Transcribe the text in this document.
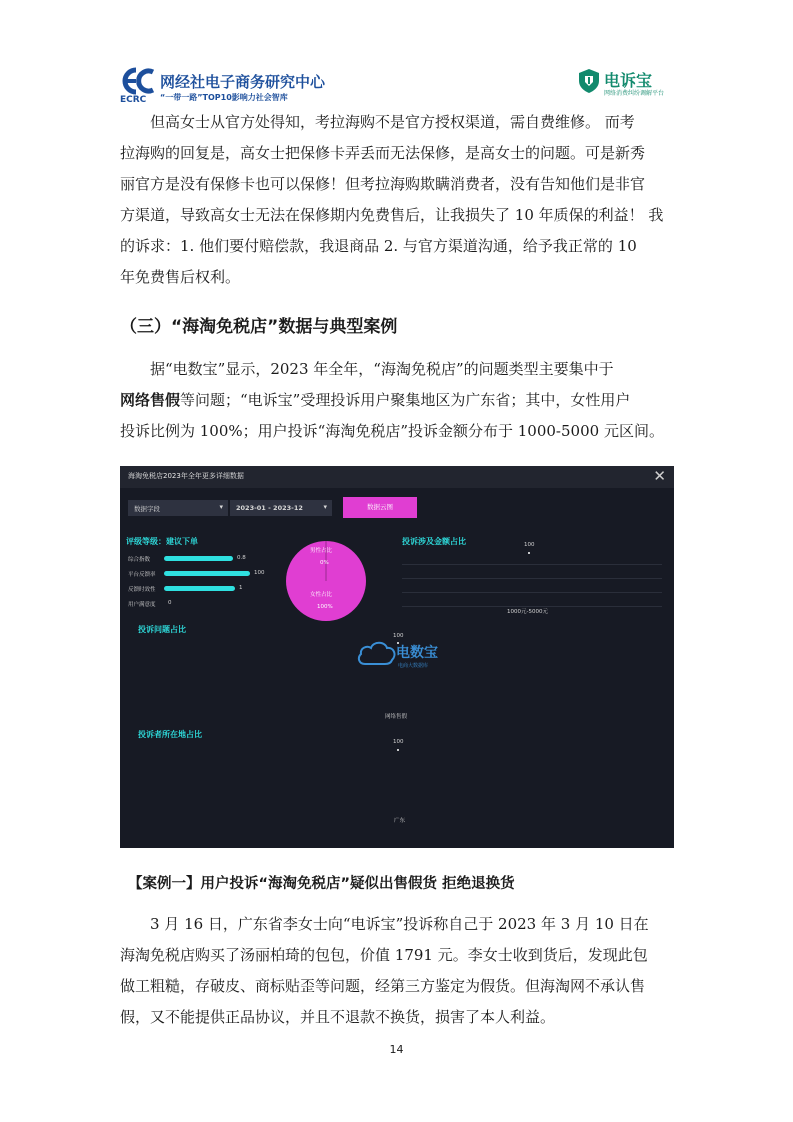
ECRC
网经社电子商务研究中心
“一带一路”TOP10影响力社会智库
电诉宝
网络消费纠纷调解平台

　　但高女士从官方处得知，考拉海购不是官方授权渠道，需自费维修。 而考

拉海购的回复是，高女士把保修卡弄丢而无法保修，是高女士的问题。可是新秀

丽官方是没有保修卡也可以保修！但考拉海购欺瞒消费者，没有告知他们是非官

方渠道，导致高女士无法在保修期内免费售后，让我损失了 10 年质保的利益！ 我

的诉求：1. 他们要付赔偿款，我退商品 2. 与官方渠道沟通，给予我正常的 10

年免费售后权利。

（三）“海淘免税店”数据与典型案例

　　据“电数宝”显示，2023 年全年，“海淘免税店”的问题类型主要集中于

网络售假等问题；“电诉宝”受理投诉用户聚集地区为广东省；其中，女性用户

投诉比例为 100%；用户投诉“海淘免税店”投诉金额分布于 1000-5000 元区间。

海淘免税店2023年全年更多详细数据	✕
数据字段	▾ 2023-01 - 2023-12	▾	数据云图
评级等级：建议下单
综合指数	0.8
平台反馈率	100
反馈时效性	1
用户满意度 0
男性占比
0%
女性占比
100%
投诉涉及金额占比	100
1000元-5000元
投诉问题占比
100
网络售假
电数宝
电商大数据库
投诉者所在地占比
100
广东
【案例一】用户投诉“海淘免税店”疑似出售假货 拒绝退换货

　　3 月 16 日，广东省李女士向“电诉宝”投诉称自己于 2023 年 3 月 10 日在

海淘免税店购买了汤丽柏琦的包包，价值 1791 元。李女士收到货后，发现此包

做工粗糙，存破皮、商标贴歪等问题，经第三方鉴定为假货。但海淘网不承认售

假，又不能提供正品协议，并且不退款不换货，损害了本人利益。

14
